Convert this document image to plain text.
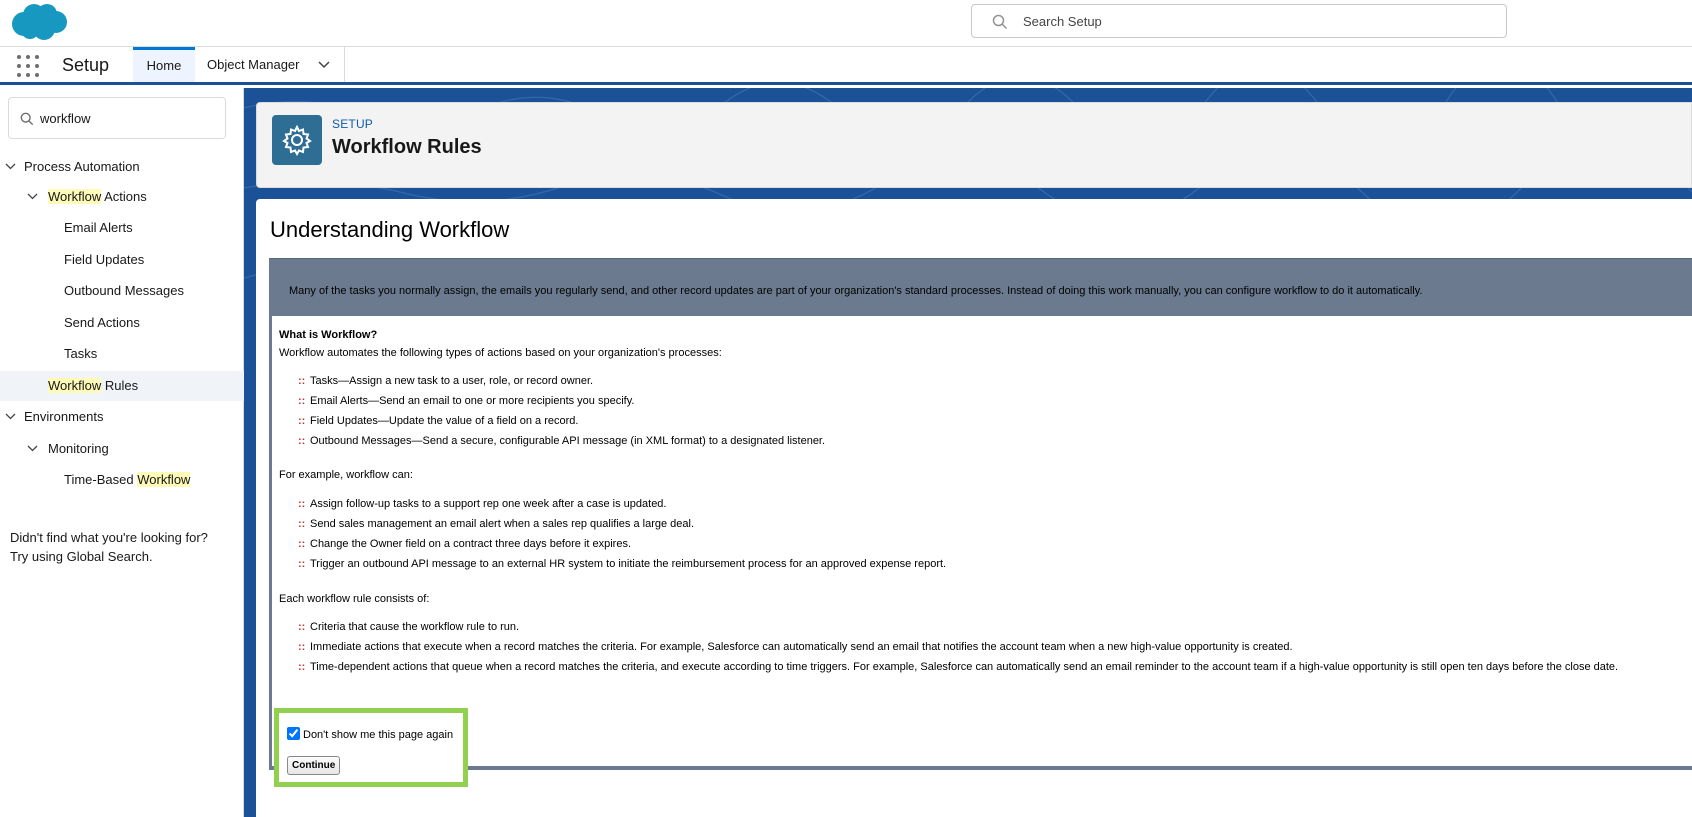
Search Setup
Setup	Home	Object Manager
workflow
Process Automation
Workflow Actions
Email Alerts
Field Updates
Outbound Messages
Send Actions
Tasks
Workflow Rules
Environments
Monitoring
Time-Based Workflow
Didn't find what you're looking for?
Try using Global Search.
SETUP
Workflow Rules
Understanding Workflow
Many of the tasks you normally assign, the emails you regularly send, and other record updates are part of your organization's standard processes. Instead of doing this work manually, you can configure workflow to do it automatically.
What is Workflow?
Workflow automates the following types of actions based on your organization's processes:
:: Tasks—Assign a new task to a user, role, or record owner.
:: Email Alerts—Send an email to one or more recipients you specify.
:: Field Updates—Update the value of a field on a record.
:: Outbound Messages—Send a secure, configurable API message (in XML format) to a designated listener.
For example, workflow can:
:: Assign follow-up tasks to a support rep one week after a case is updated.
:: Send sales management an email alert when a sales rep qualifies a large deal.
:: Change the Owner field on a contract three days before it expires.
:: Trigger an outbound API message to an external HR system to initiate the reimbursement process for an approved expense report.
Each workflow rule consists of:
:: Criteria that cause the workflow rule to run.
:: Immediate actions that execute when a record matches the criteria. For example, Salesforce can automatically send an email that notifies the account team when a new high-value opportunity is created.
:: Time-dependent actions that queue when a record matches the criteria, and execute according to time triggers. For example, Salesforce can automatically send an email reminder to the account team if a high-value opportunity is still open ten days before the close date.
Don't show me this page again
Continue
